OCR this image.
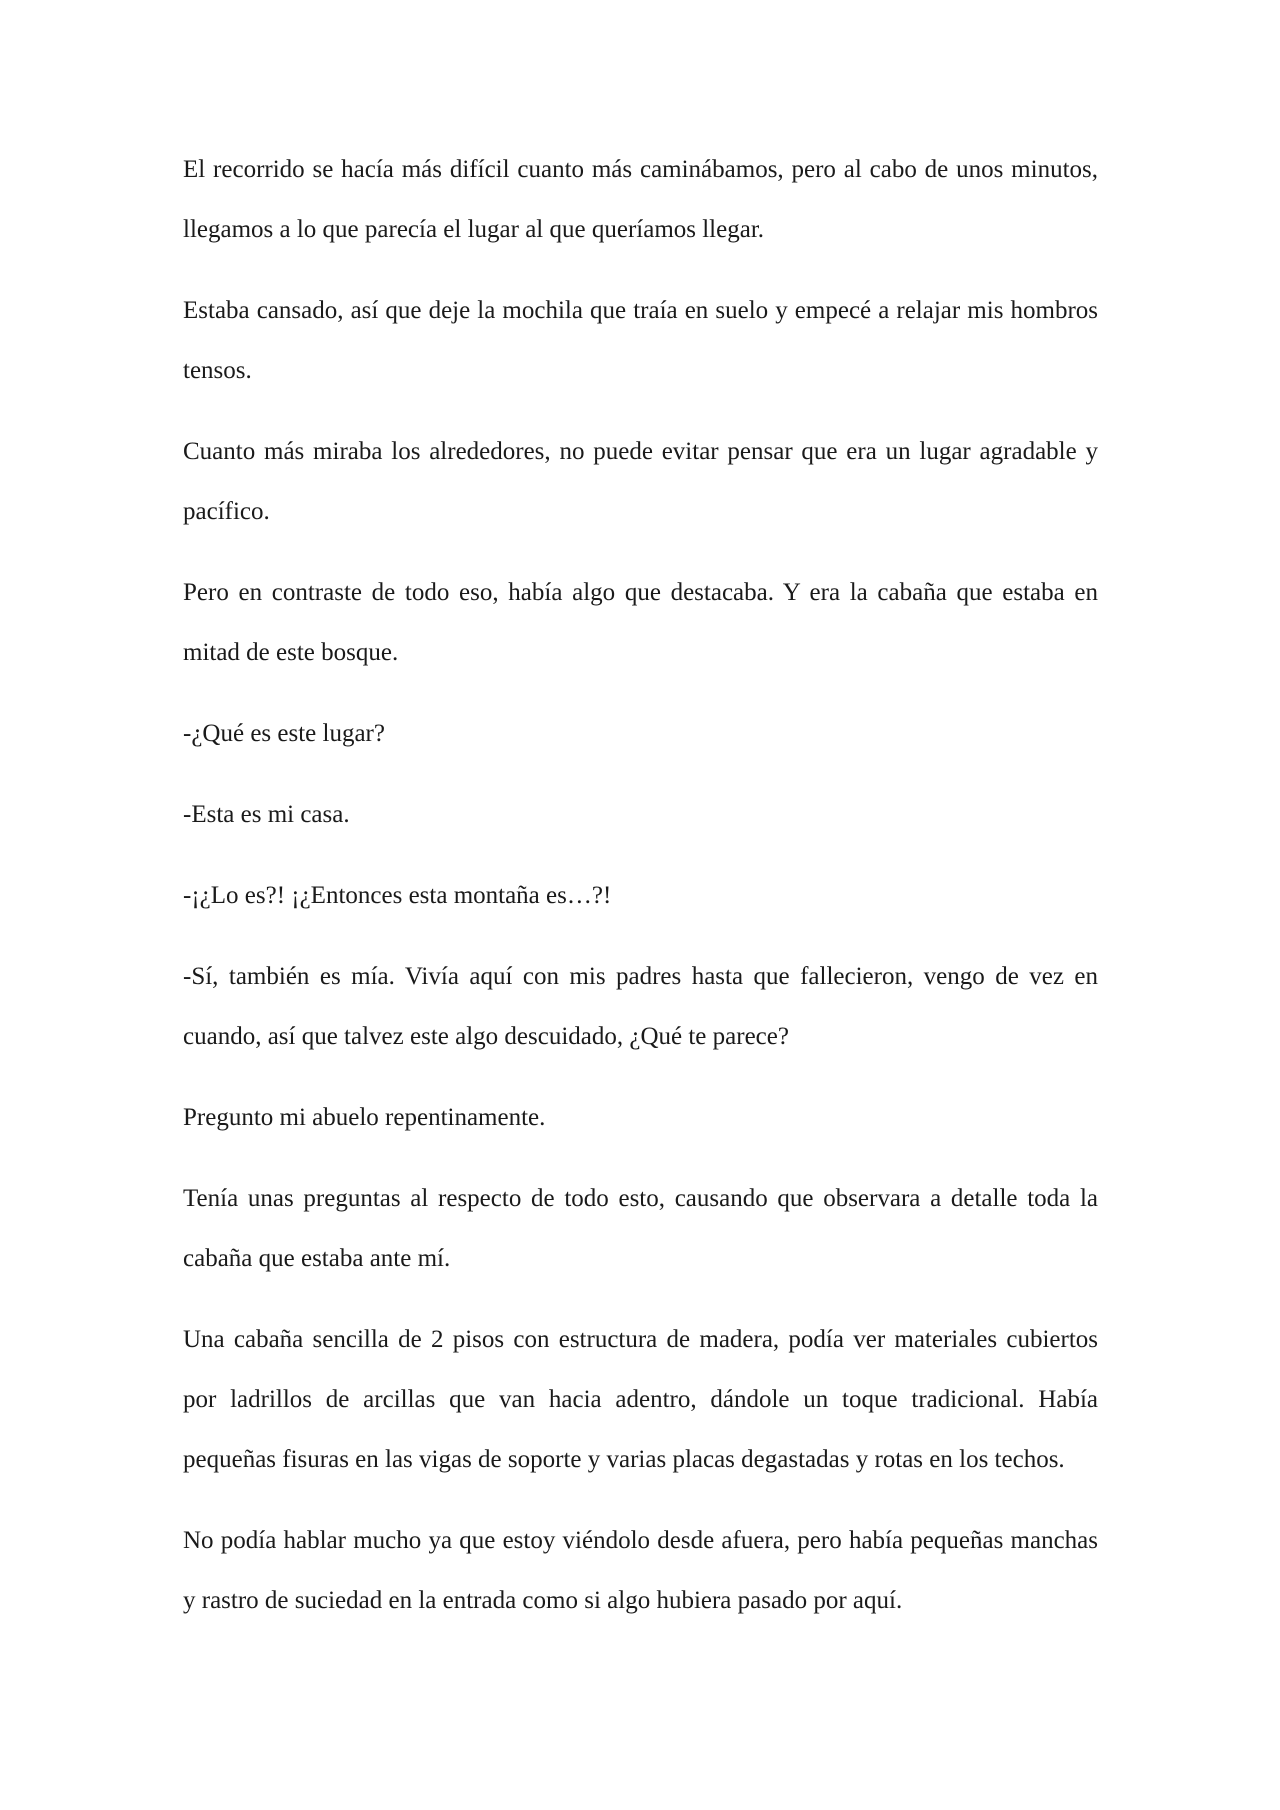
El recorrido se hacía más difícil cuanto más caminábamos, pero al cabo de unos minutos, llegamos a lo que parecía el lugar al que queríamos llegar.

Estaba cansado, así que deje la mochila que traía en suelo y empecé a relajar mis hombros tensos.

Cuanto más miraba los alrededores, no puede evitar pensar que era un lugar agradable y pacífico.

Pero en contraste de todo eso, había algo que destacaba. Y era la cabaña que estaba en mitad de este bosque.

-¿Qué es este lugar?

-Esta es mi casa.

-¡¿Lo es?! ¡¿Entonces esta montaña es…?!

-Sí, también es mía. Vivía aquí con mis padres hasta que fallecieron, vengo de vez en cuando, así que talvez este algo descuidado, ¿Qué te parece?

Pregunto mi abuelo repentinamente.

Tenía unas preguntas al respecto de todo esto, causando que observara a detalle toda la cabaña que estaba ante mí.

Una cabaña sencilla de 2 pisos con estructura de madera, podía ver materiales cubiertos por ladrillos de arcillas que van hacia adentro, dándole un toque tradicional. Había pequeñas fisuras en las vigas de soporte y varias placas degastadas y rotas en los techos.

No podía hablar mucho ya que estoy viéndolo desde afuera, pero había pequeñas manchas y rastro de suciedad en la entrada como si algo hubiera pasado por aquí.
